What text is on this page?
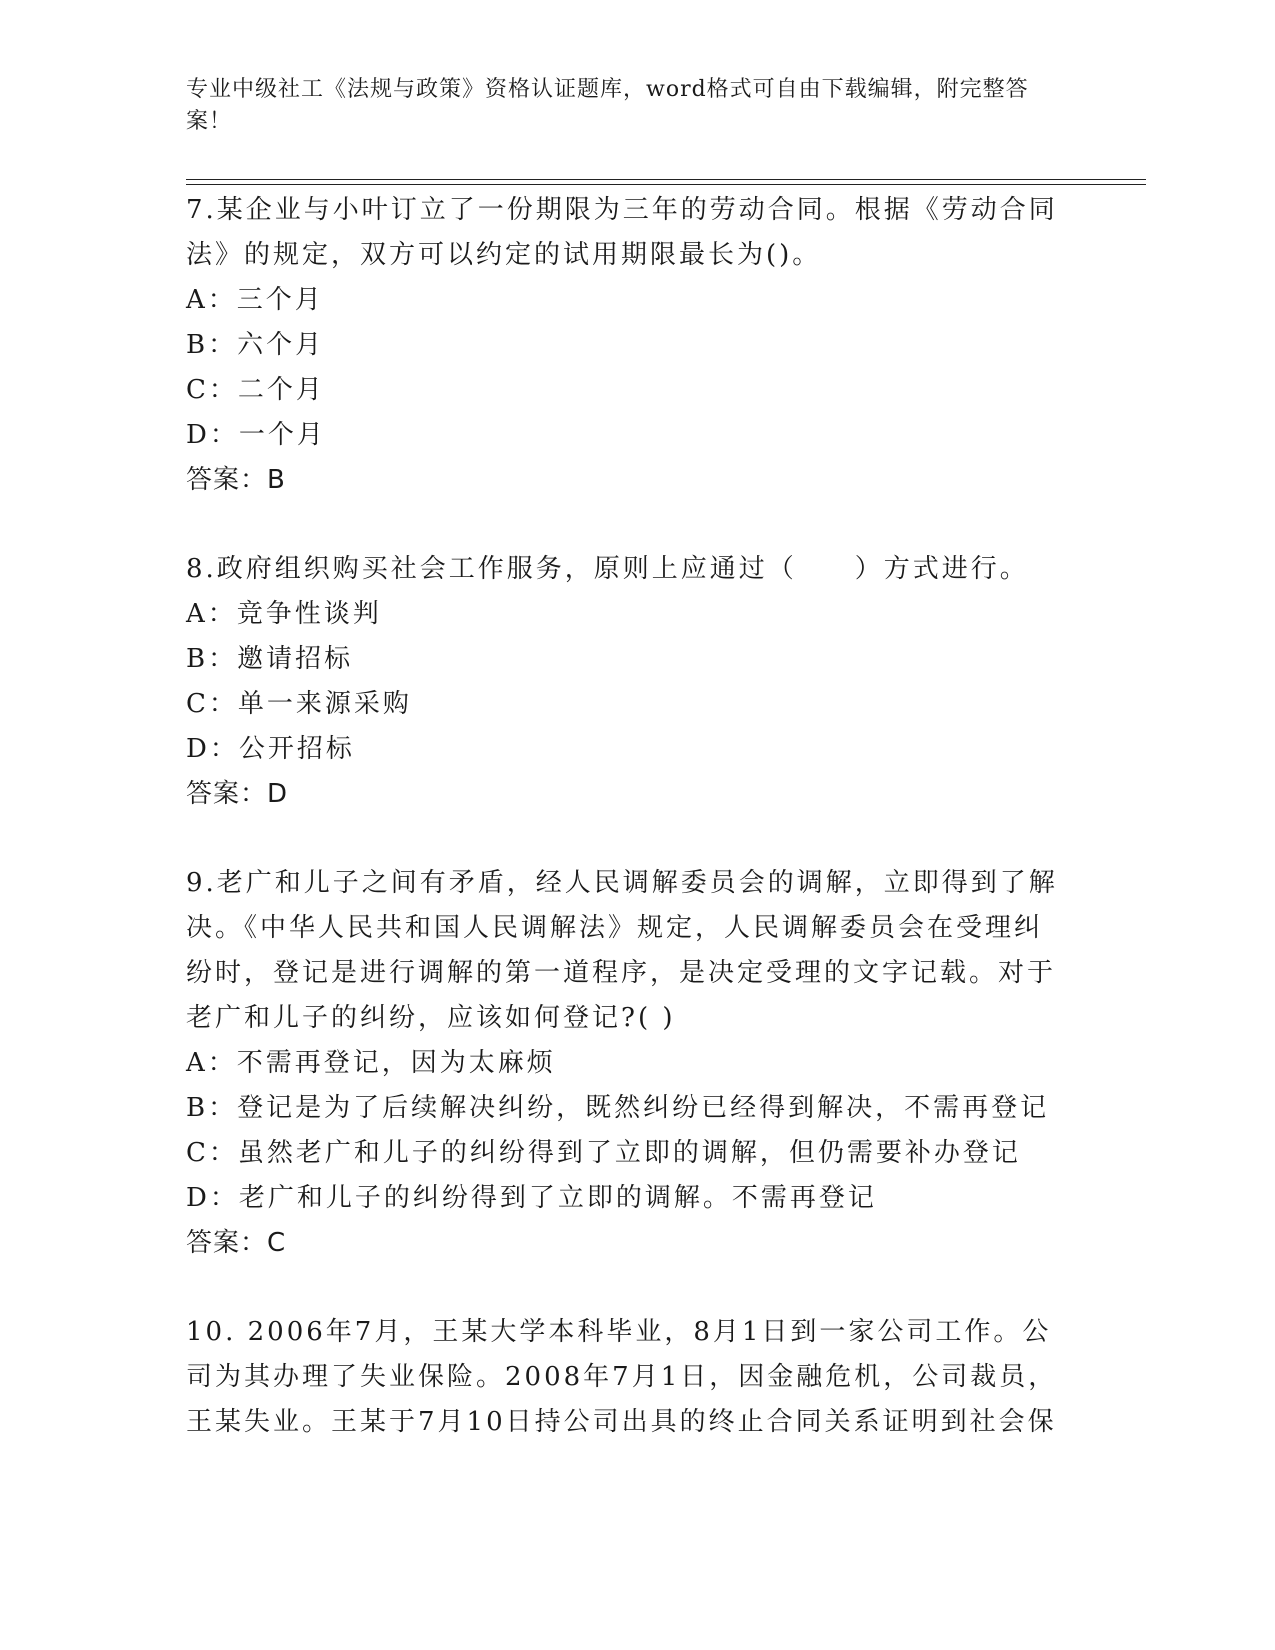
专业中级社工《法规与政策》资格认证题库，word格式可自由下载编辑，附完整答案！
7.某企业与小叶订立了一份期限为三年的劳动合同。根据《劳动合同法》的规定，双方可以约定的试用期限最长为()。
A：三个月
B：六个月
C：二个月
D：一个月
答案：B
8.政府组织购买社会工作服务，原则上应通过（　　）方式进行。
A：竞争性谈判
B：邀请招标
C：单一来源采购
D：公开招标
答案：D
9.老广和儿子之间有矛盾，经人民调解委员会的调解，立即得到了解决。《中华人民共和国人民调解法》规定，人民调解委员会在受理纠纷时，登记是进行调解的第一道程序，是决定受理的文字记载。对于老广和儿子的纠纷，应该如何登记?( )
A：不需再登记，因为太麻烦
B：登记是为了后续解决纠纷，既然纠纷已经得到解决，不需再登记
C：虽然老广和儿子的纠纷得到了立即的调解，但仍需要补办登记
D：老广和儿子的纠纷得到了立即的调解。不需再登记
答案：C
10. 2006年7月，王某大学本科毕业，8月1日到一家公司工作。公司为其办理了失业保险。2008年7月1日，因金融危机，公司裁员，王某失业。王某于7月10日持公司出具的终止合同关系证明到社会保
